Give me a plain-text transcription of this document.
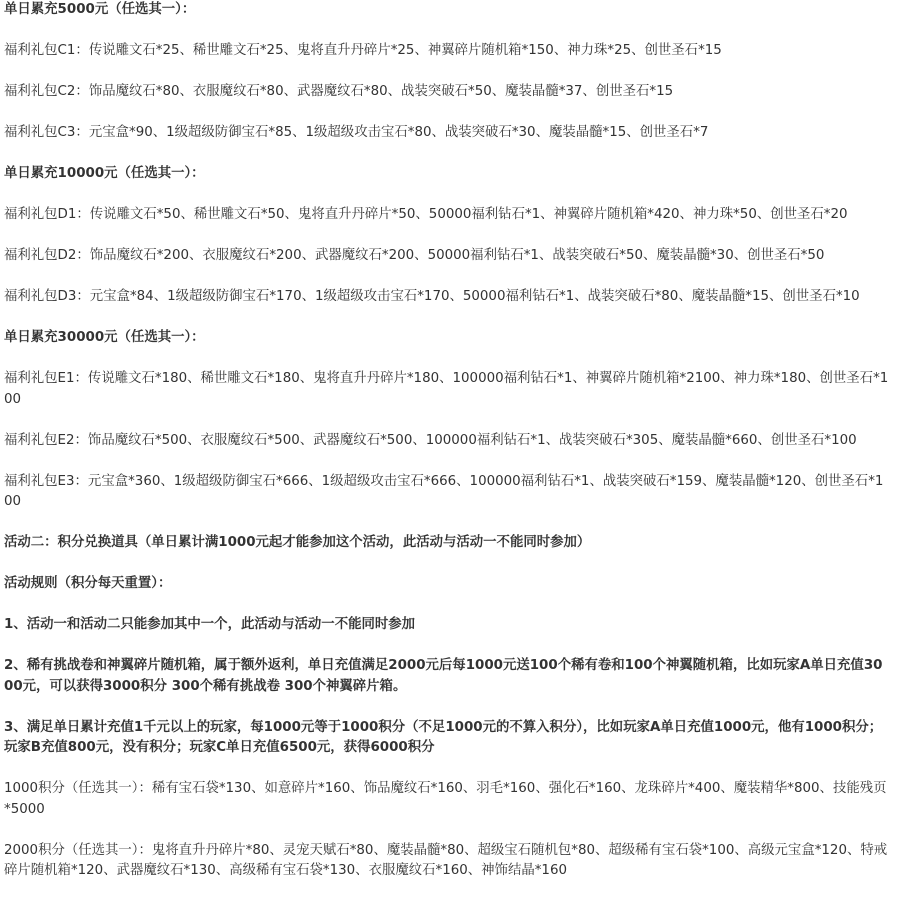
单日累充5000元（任选其一）：

福利礼包C1：传说雕文石*25、稀世雕文石*25、鬼将直升丹碎片*25、神翼碎片随机箱*150、神力珠*25、创世圣石*15

福利礼包C2：饰品魔纹石*80、衣服魔纹石*80、武器魔纹石*80、战装突破石*50、魔装晶髓*37、创世圣石*15

福利礼包C3：元宝盒*90、1级超级防御宝石*85、1级超级攻击宝石*80、战装突破石*30、魔装晶髓*15、创世圣石*7

单日累充10000元（任选其一）：

福利礼包D1：传说雕文石*50、稀世雕文石*50、鬼将直升丹碎片*50、50000福利钻石*1、神翼碎片随机箱*420、神力珠*50、创世圣石*20

福利礼包D2：饰品魔纹石*200、衣服魔纹石*200、武器魔纹石*200、50000福利钻石*1、战装突破石*50、魔装晶髓*30、创世圣石*50

福利礼包D3：元宝盒*84、1级超级防御宝石*170、1级超级攻击宝石*170、50000福利钻石*1、战装突破石*80、魔装晶髓*15、创世圣石*10

单日累充30000元（任选其一）：

福利礼包E1：传说雕文石*180、稀世雕文石*180、鬼将直升丹碎片*180、100000福利钻石*1、神翼碎片随机箱*2100、神力珠*180、创世圣石*100

福利礼包E2：饰品魔纹石*500、衣服魔纹石*500、武器魔纹石*500、100000福利钻石*1、战装突破石*305、魔装晶髓*660、创世圣石*100

福利礼包E3：元宝盒*360、1级超级防御宝石*666、1级超级攻击宝石*666、100000福利钻石*1、战装突破石*159、魔装晶髓*120、创世圣石*100

活动二：积分兑换道具（单日累计满1000元起才能参加这个活动，此活动与活动一不能同时参加）

活动规则（积分每天重置）：

1、活动一和活动二只能参加其中一个，此活动与活动一不能同时参加

2、稀有挑战卷和神翼碎片随机箱，属于额外返利，单日充值满足2000元后每1000元送100个稀有卷和100个神翼随机箱，比如玩家A单日充值3000元，可以获得3000积分 300个稀有挑战卷 300个神翼碎片箱。

3、满足单日累计充值1千元以上的玩家，每1000元等于1000积分（不足1000元的不算入积分），比如玩家A单日充值1000元，他有1000积分；玩家B充值800元，没有积分；玩家C单日充值6500元，获得6000积分

1000积分（任选其一）：稀有宝石袋*130、如意碎片*160、饰品魔纹石*160、羽毛*160、强化石*160、龙珠碎片*400、魔装精华*800、技能残页*5000

2000积分（任选其一）：鬼将直升丹碎片*80、灵宠天赋石*80、魔装晶髓*80、超级宝石随机包*80、超级稀有宝石袋*100、高级元宝盒*120、特戒碎片随机箱*120、武器魔纹石*130、高级稀有宝石袋*130、衣服魔纹石*160、神饰结晶*160
